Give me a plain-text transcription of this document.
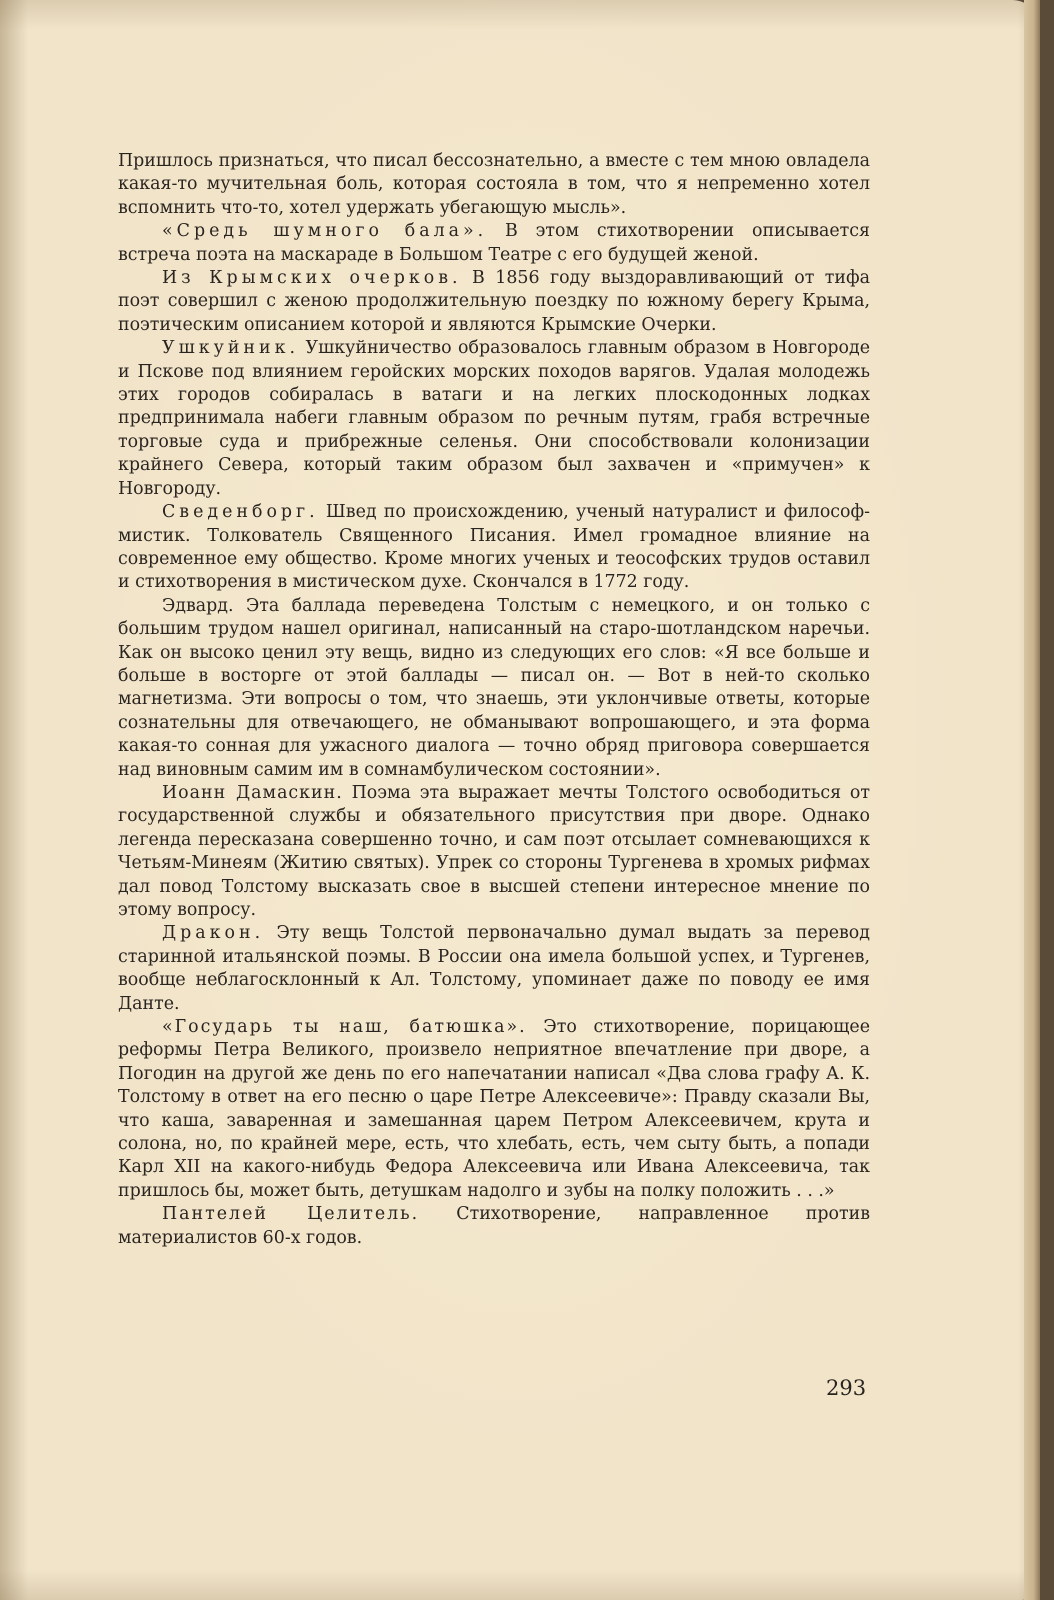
Пришлось признаться, что писал бессознательно, а вместе с тем мною овладела какая-то мучительная боль, которая состояла в том, что я непременно хотел вспомнить что-то, хотел удержать убегающую мысль».

«Средь шумного бала». В этом стихотворении описывается встреча поэта на маскараде в Большом Театре с его будущей женой.

Из Крымских очерков. В 1856 году выздоравливающий от тифа поэт совершил с женою продолжительную поездку по южному берегу Крыма, поэтическим описанием которой и являются Крымские Очерки.

Ушкуйник. Ушкуйничество образовалось главным образом в Новгороде и Пскове под влиянием геройских морских походов варягов. Удалая молодежь этих городов собиралась в ватаги и на легких плоскодонных лодках предпринимала набеги главным образом по речным путям, грабя встречные торговые суда и прибрежные селенья. Они способствовали колонизации крайнего Севера, который таким образом был захвачен и «примучен» к Новгороду.

Сведенборг. Швед по происхождению, ученый натуралист и философ-мистик. Толкователь Священного Писания. Имел громадное влияние на современное ему общество. Кроме многих ученых и теософских трудов оставил и стихотворения в мистическом духе. Скончался в 1772 году.

Эдвард. Эта баллада переведена Толстым с немецкого, и он только с большим трудом нашел оригинал, написанный на старо-шотландском наречьи. Как он высоко ценил эту вещь, видно из следующих его слов: «Я все больше и больше в восторге от этой баллады — писал он. — Вот в ней-то сколько магнетизма. Эти вопросы о том, что знаешь, эти уклончивые ответы, которые сознательны для отвечающего, не обманывают вопрошающего, и эта форма какая-то сонная для ужасного диалога — точно обряд приговора совершается над виновным самим им в сомнамбулическом состоянии».

Иоанн Дамаскин. Поэма эта выражает мечты Толстого освободиться от государственной службы и обязательного присутствия при дворе. Однако легенда пересказана совершенно точно, и сам поэт отсылает сомневающихся к Четьям-Минеям (Житию святых). Упрек со стороны Тургенева в хромых рифмах дал повод Толстому высказать свое в высшей степени интересное мнение по этому вопросу.

Дракон. Эту вещь Толстой первоначально думал выдать за перевод старинной итальянской поэмы. В России она имела большой успех, и Тургенев, вообще неблагосклонный к Ал. Толстому, упоминает даже по поводу ее имя Данте.

«Государь ты наш, батюшка». Это стихотворение, порицающее реформы Петра Великого, произвело неприятное впечатление при дворе, а Погодин на другой же день по его напечатании написал «Два слова графу А. К. Толстому в ответ на его песню о царе Петре Алексеевиче»: Правду сказали Вы, что каша, заваренная и замешанная царем Петром Алексеевичем, крута и солона, но, по крайней мере, есть, что хлебать, есть, чем сыту быть, а попади Карл XII на какого-нибудь Федора Алексеевича или Ивана Алексеевича, так пришлось бы, может быть, детушкам надолго и зубы на полку положить . . .»

Пантелей Целитель. Стихотворение, направленное против материалистов 60-х годов.

293
